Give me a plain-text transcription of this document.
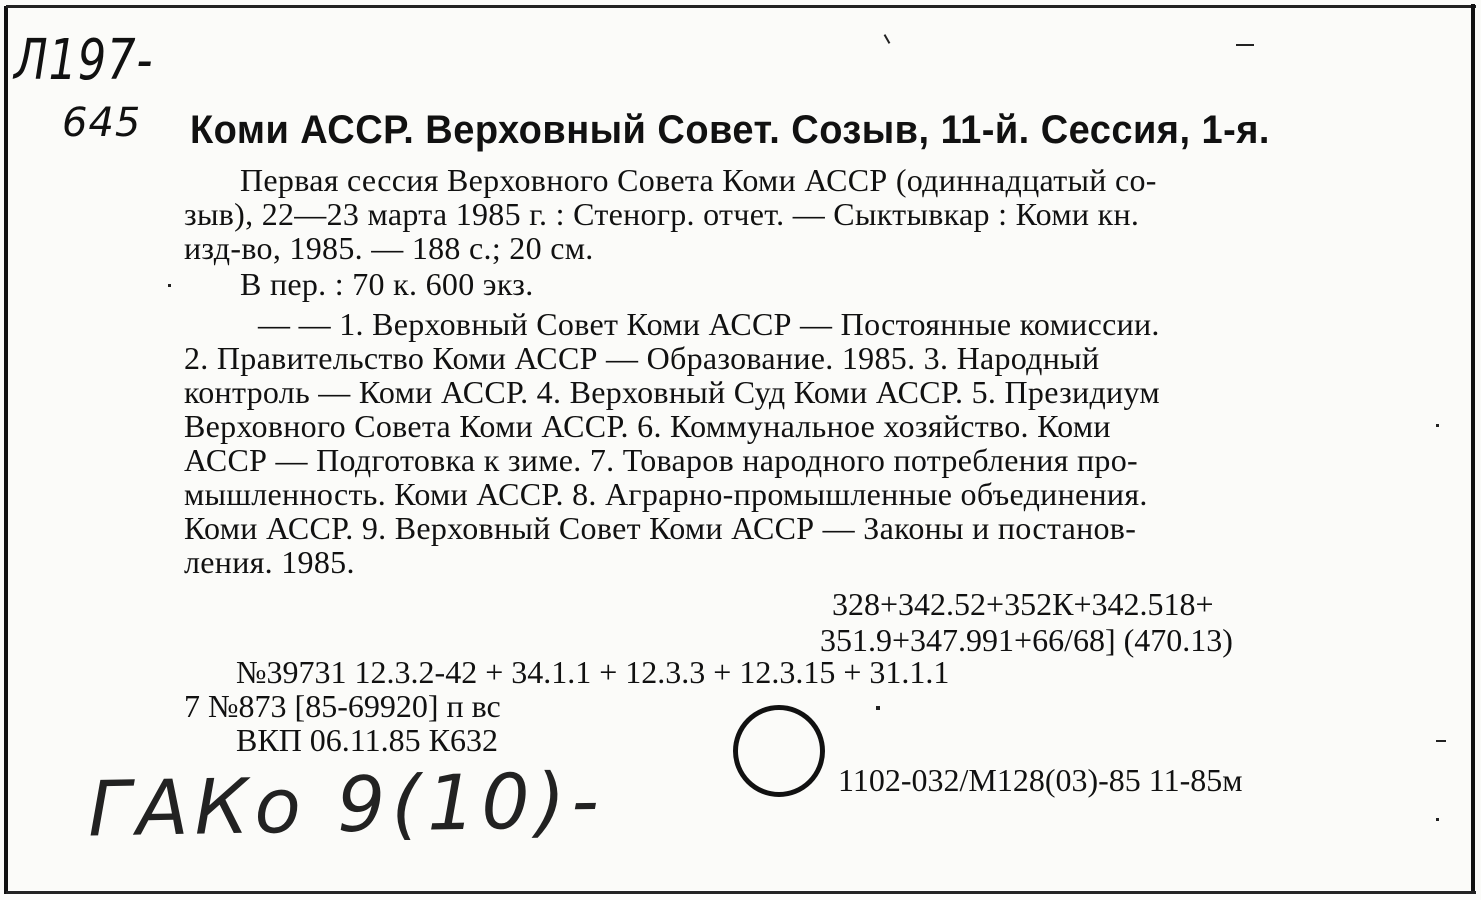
Л197-
645
ГАКо 9(10)-
Коми АССР. Верховный Совет. Созыв, 11-й. Сессия, 1-я.
Первая сессия Верховного Совета Коми АССР (одиннадцатый со-
зыв), 22—23 марта 1985 г. : Стеногр. отчет. — Сыктывкар : Коми кн.
изд-во, 1985. — 188 с.; 20 см.
В пер. : 70 к. 600 экз.
— — 1. Верховный Совет Коми АССР — Постоянные комиссии.
2. Правительство Коми АССР — Образование. 1985. 3. Народный
контроль — Коми АССР. 4. Верховный Суд Коми АССР. 5. Президиум
Верховного Совета Коми АССР. 6. Коммунальное хозяйство. Коми
АССР — Подготовка к зиме. 7. Товаров народного потребления про-
мышленность. Коми АССР. 8. Аграрно-промышленные объединения.
Коми АССР. 9. Верховный Совет Коми АССР — Законы и постанов-
ления. 1985.
328+342.52+352К+342.518+
351.9+347.991+66/68] (470.13)
№39731 12.3.2-42 + 34.1.1 + 12.3.3 + 12.3.15 + 31.1.1
7 №873 [85-69920] п вс
ВКП 06.11.85 К632
1102-032/М128(03)-85 11-85м
